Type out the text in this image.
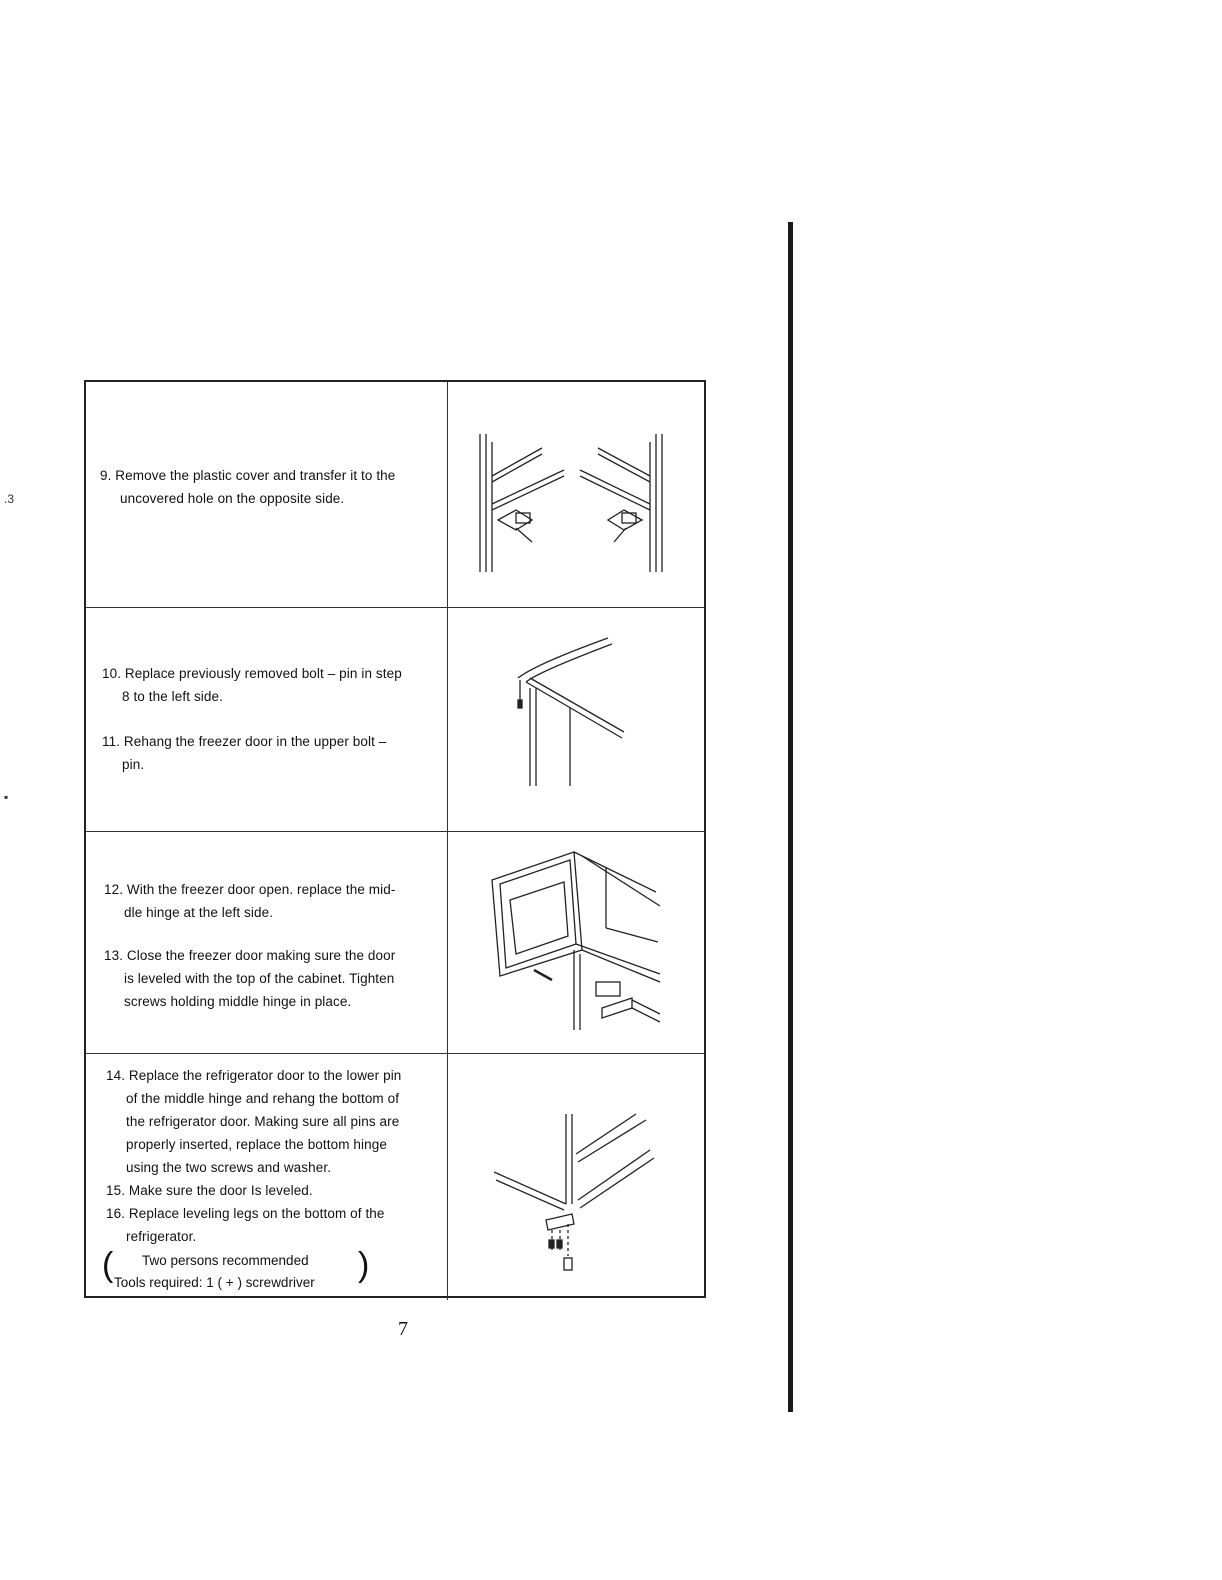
.3
▪
9. Remove the plastic cover and transfer it to the
uncovered hole on the opposite side.
10. Replace previously removed bolt – pin in step
8 to the left side.
11. Rehang the freezer door in the upper bolt –
pin.
12. With the freezer door open. replace the mid-
dle hinge at the left side.
13. Close the freezer door making sure the door
is leveled with the top of the cabinet. Tighten
screws holding middle hinge in place.
14. Replace the refrigerator door to the lower pin
of the middle hinge and rehang the bottom of
the refrigerator door. Making sure all pins are
properly inserted, replace the bottom hinge
using the two screws and washer.
15. Make sure the door Is leveled.
16. Replace leveling legs on the bottom of the
refrigerator.
(	Two persons recommended
Tools required: 1 ( + ) screwdriver	)
7
